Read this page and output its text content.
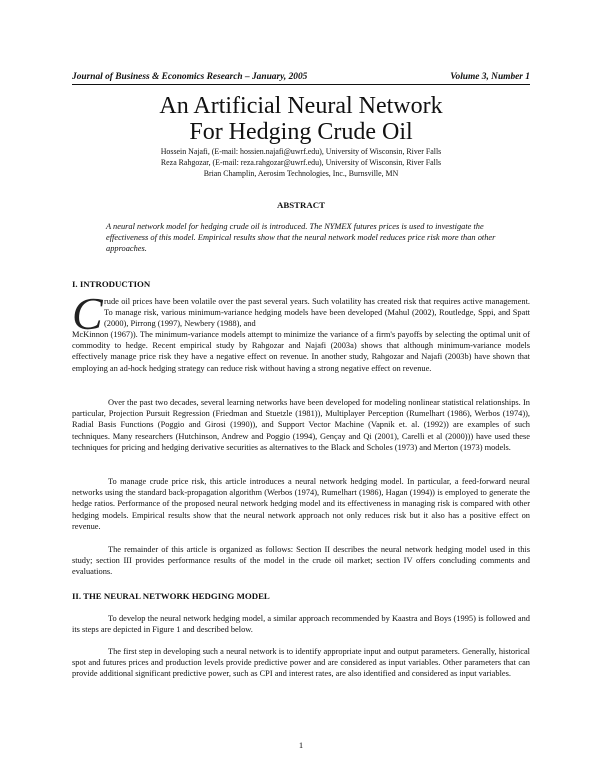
Journal of Business & Economics Research – January, 2005	Volume 3, Number 1
An Artificial Neural Network
For Hedging Crude Oil
Hossein Najafi, (E-mail: hossien.najafi@uwrf.edu), University of Wisconsin, River Falls
Reza Rahgozar, (E-mail: reza.rahgozar@uwrf.edu), University of Wisconsin, River Falls
Brian Champlin, Aerosim Technologies, Inc., Burnsville, MN
ABSTRACT

A neural network model for hedging crude oil is introduced. The NYMEX futures prices is used to investigate the effectiveness of this model. Empirical results show that the neural network model reduces price risk more than other approaches.

I. INTRODUCTION
C rude oil prices have been volatile over the past several years. Such volatility has created risk that requires active management. To manage risk, various minimum-variance hedging models have been developed (Mahul (2002), Routledge, Sppi, and Spatt (2000), Pirrong (1997), Newbery (1988), and

McKinnon (1967)). The minimum-variance models attempt to minimize the variance of a firm's payoffs by selecting the optimal unit of commodity to hedge. Recent empirical study by Rahgozar and Najafi (2003a) shows that although minimum-variance models effectively manage price risk they have a negative effect on revenue. In another study, Rahgozar and Najafi (2003b) have shown that employing an ad-hock hedging strategy can reduce risk without having a strong negative effect on revenue.

Over the past two decades, several learning networks have been developed for modeling nonlinear statistical relationships. In particular, Projection Pursuit Regression (Friedman and Stuetzle (1981)), Multiplayer Perception (Rumelhart (1986), Werbos (1974)), Radial Basis Functions (Poggio and Girosi (1990)), and Support Vector Machine (Vapnik et. al. (1992)) are examples of such techniques. Many researchers (Hutchinson, Andrew and Poggio (1994), Gençay and Qi (2001), Carelli et al (2000))) have used these techniques for pricing and hedging derivative securities as alternatives to the Black and Scholes (1973) and Merton (1973) models.

To manage crude price risk, this article introduces a neural network hedging model. In particular, a feed-forward neural networks using the standard back-propagation algorithm (Werbos (1974), Rumelhart (1986), Hagan (1994)) is employed to generate the hedge ratios. Performance of the proposed neural network hedging model and its effectiveness in managing risk is compared with other hedging models. Empirical results show that the neural network approach not only reduces risk but it also has a positive effect on revenue.

The remainder of this article is organized as follows: Section II describes the neural network hedging model used in this study; section III provides performance results of the model in the crude oil market; section IV offers concluding comments and evaluations.

II. THE NEURAL NETWORK HEDGING MODEL

To develop the neural network hedging model, a similar approach recommended by Kaastra and Boys (1995) is followed and its steps are depicted in Figure 1 and described below.

The first step in developing such a neural network is to identify appropriate input and output parameters. Generally, historical spot and futures prices and production levels provide predictive power and are considered as input variables. Other parameters that can provide additional significant predictive power, such as CPI and interest rates, are also identified and considered as input variables.

1
